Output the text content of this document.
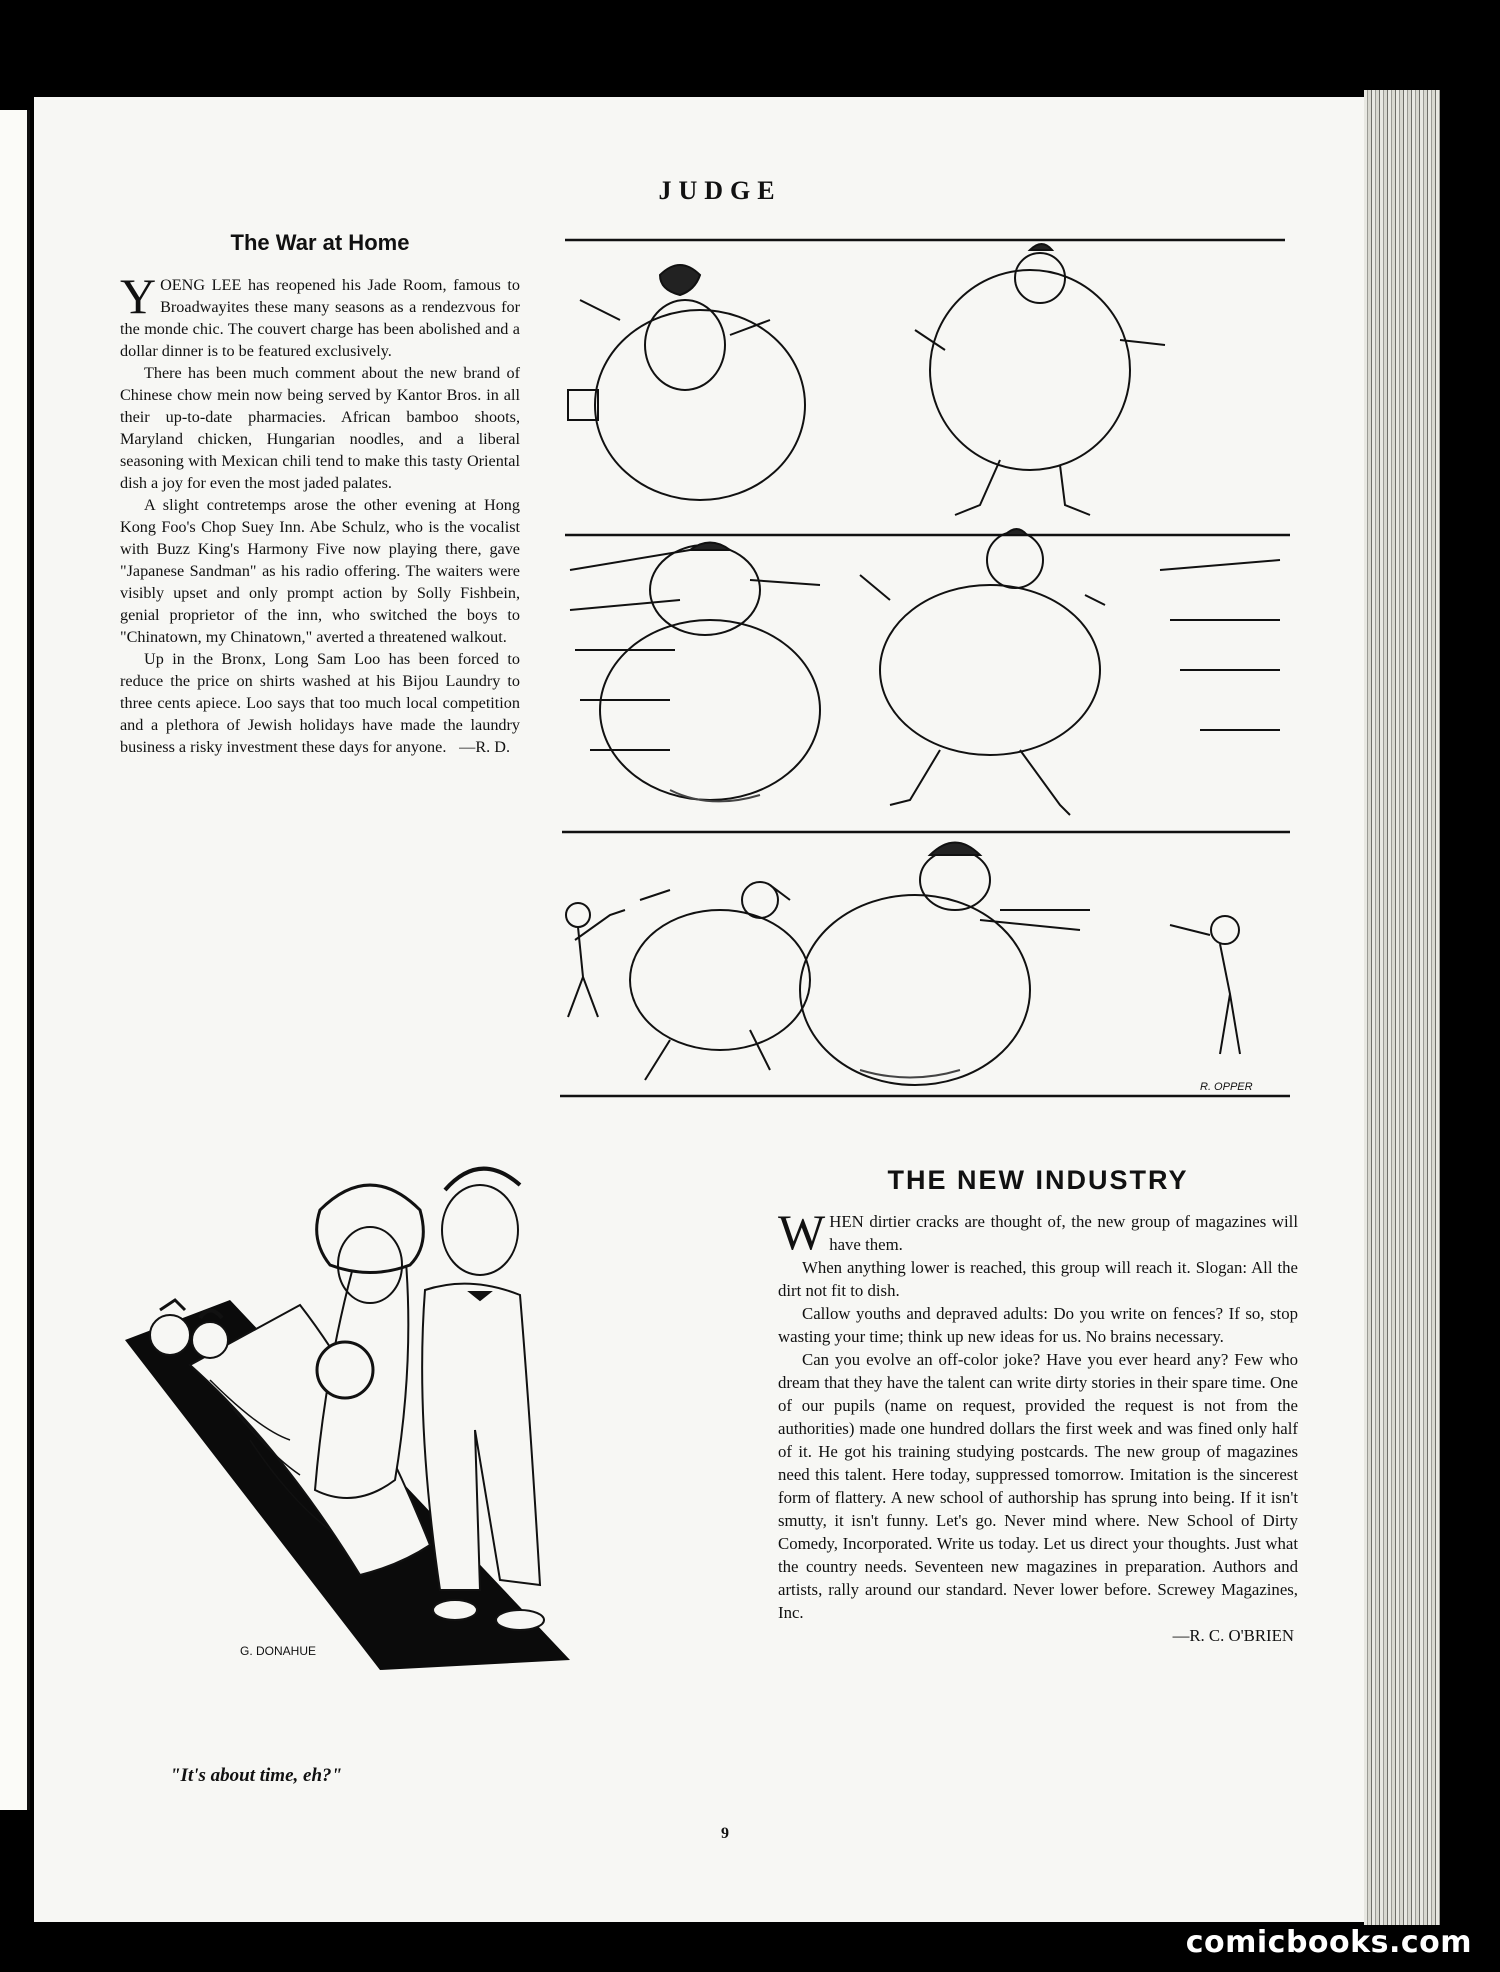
JUDGE
The War at Home

YOENG LEE has reopened his Jade Room, famous to Broadwayites these many seasons as a rendezvous for the monde chic. The couvert charge has been abolished and a dollar dinner is to be featured exclusively.

There has been much comment about the new brand of Chinese chow mein now being served by Kantor Bros. in all their up-to-date pharmacies. African bamboo shoots, Maryland chicken, Hungarian noodles, and a liberal seasoning with Mexican chili tend to make this tasty Oriental dish a joy for even the most jaded palates.

A slight contretemps arose the other evening at Hong Kong Foo's Chop Suey Inn. Abe Schulz, who is the vocalist with Buzz King's Harmony Five now playing there, gave "Japanese Sandman" as his radio offering. The waiters were visibly upset and only prompt action by Solly Fishbein, genial proprietor of the inn, who switched the boys to "Chinatown, my Chinatown," averted a threatened walkout.

Up in the Bronx, Long Sam Loo has been forced to reduce the price on shirts washed at his Bijou Laundry to three cents apiece. Loo says that too much local competition and a plethora of Jewish holidays have made the laundry business a risky investment these days for anyone. —R. D.
R. OPPER
G. DONAHUE
"It's about time, eh?"
THE NEW INDUSTRY

WHEN dirtier cracks are thought of, the new group of magazines will have them.

When anything lower is reached, this group will reach it. Slogan: All the dirt not fit to dish.

Callow youths and depraved adults: Do you write on fences? If so, stop wasting your time; think up new ideas for us. No brains necessary.

Can you evolve an off-color joke? Have you ever heard any? Few who dream that they have the talent can write dirty stories in their spare time. One of our pupils (name on request, provided the request is not from the authorities) made one hundred dollars the first week and was fined only half of it. He got his training studying postcards. The new group of magazines need this talent. Here today, suppressed tomorrow. Imitation is the sincerest form of flattery. A new school of authorship has sprung into being. If it isn't smutty, it isn't funny. Let's go. Never mind where. New School of Dirty Comedy, Incorporated. Write us today. Let us direct your thoughts. Just what the country needs. Seventeen new magazines in preparation. Authors and artists, rally around our standard. Never lower before. Screwey Magazines, Inc.

—R. C. O'BRIEN
9
comicbooks.com
